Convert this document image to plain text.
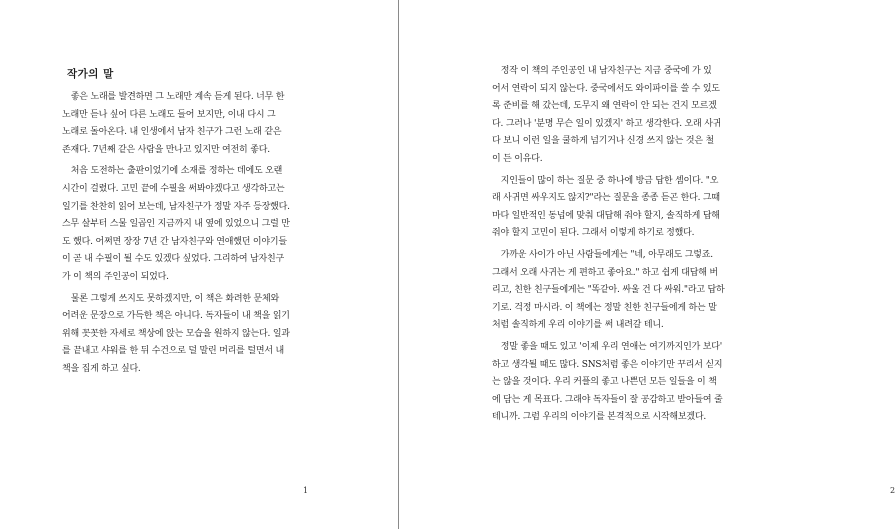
작가의 말
　좋은 노래를 발견하면 그 노래만 계속 듣게 된다. 너무 한
노래만 듣나 싶어 다른 노래도 들어 보지만, 이내 다시 그
노래로 돌아온다. 내 인생에서 남자 친구가 그런 노래 같은
존재다. 7년째 같은 사람을 만나고 있지만 여전히 좋다.
　처음 도전하는 출판이었기에 소재를 정하는 데에도 오랜
시간이 걸렸다. 고민 끝에 수필을 써봐야겠다고 생각하고는
일기를 찬찬히 읽어 보는데, 남자친구가 정말 자주 등장했다.
스무 살부터 스물 일곱인 지금까지 내 옆에 있었으니 그럴 만
도 했다. 어쩌면 장장 7년 간 남자친구와 연애했던 이야기들
이 곧 내 수필이 될 수도 있겠다 싶었다. 그리하여 남자친구
가 이 책의 주인공이 되었다.
　물론 그렇게 쓰지도 못하겠지만, 이 책은 화려한 문체와
어려운 문장으로 가득한 책은 아니다. 독자들이 내 책을 읽기
위해 꼿꼿한 자세로 책상에 앉는 모습을 원하지 않는다. 일과
를 끝내고 샤워를 한 뒤 수건으로 덜 말린 머리를 털면서 내
책을 집게 하고 싶다.
1	2
　정작 이 책의 주인공인 내 남자친구는 지금 중국에 가 있
어서 연락이 되지 않는다. 중국에서도 와이파이를 쓸 수 있도
록 준비를 해 갔는데, 도무지 왜 연락이 안 되는 건지 모르겠
다. 그러나 '분명 무슨 일이 있겠지' 하고 생각한다. 오래 사귀
다 보니 이런 일을 쿨하게 넘기거나 신경 쓰지 않는 것은 철
이 든 이유다.
　지인들이 많이 하는 질문 중 하나에 방금 답한 셈이다. "오
래 사귀면 싸우지도 않지?"라는 질문을 종종 듣곤 한다. 그때
마다 일반적인 동넙에 맞춰 대답해 줘야 할지, 솔직하게 답해
줘야 할지 고민이 된다. 그래서 이렇게 하기로 정했다.
　가까운 사이가 아닌 사람들에게는 "네, 아무래도 그렇죠.
그래서 오래 사귀는 게 편하고 좋아요." 하고 쉽게 대답해 버
리고, 친한 친구들에게는 "똑같아. 싸울 건 다 싸워."라고 답하
기로. 걱정 마시라. 이 책에는 정말 친한 친구들에게 하는 말
처럼 솔직하게 우리 이야기를 써 내려갈 테니.
　정말 좋을 때도 있고 '이제 우리 연애는 여기까지인가 보다'
하고 생각될 때도 많다. SNS처럼 좋은 이야기만 꾸리서 싣지
는 않을 것이다. 우리 커플의 좋고 나쁜던 모든 일들을 이 책
에 담는 게 목표다. 그래야 독자들이 잘 공감하고 받아들여 줄
테니까. 그럼 우리의 이야기를 본격적으로 시작해보겠다.
